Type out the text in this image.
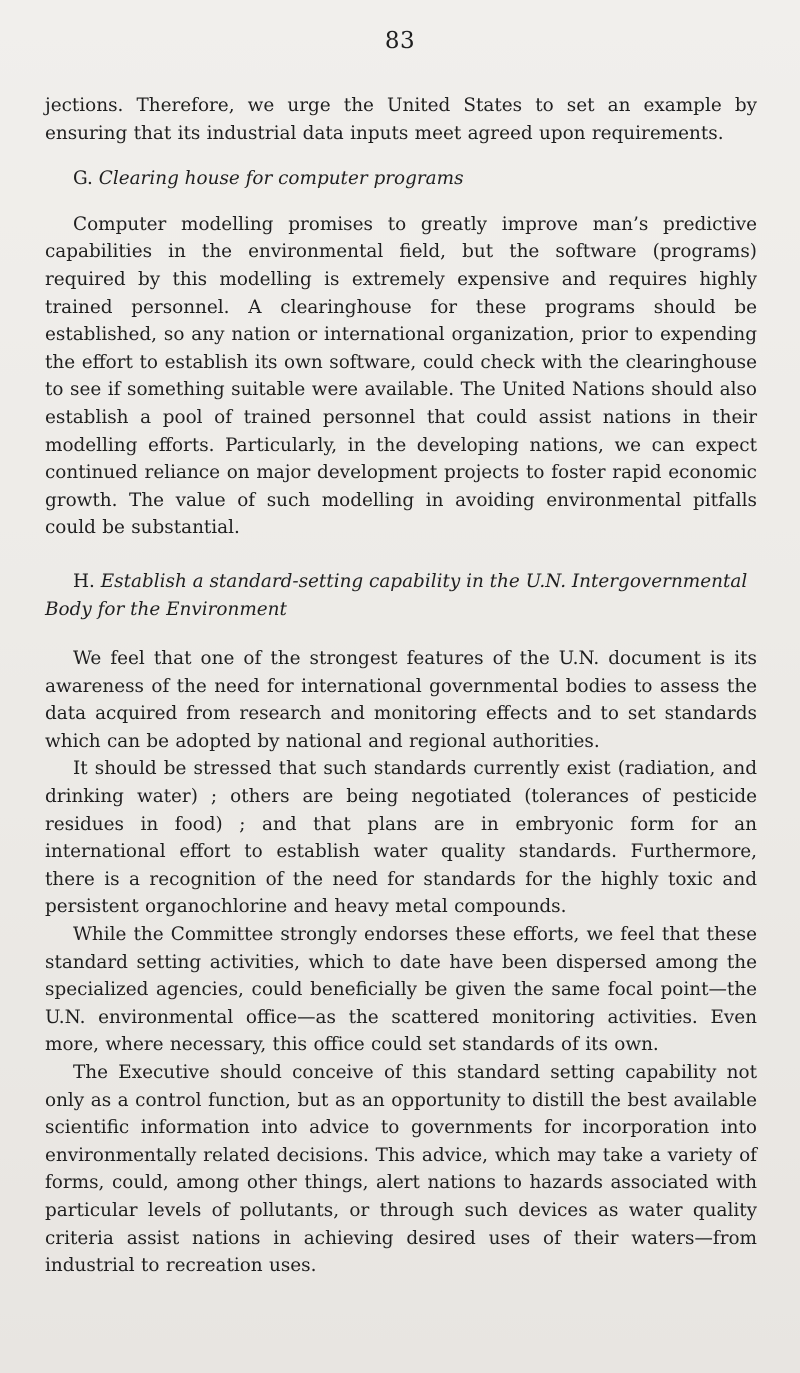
83

jections. Therefore, we urge the United States to set an example by ensuring that its industrial data inputs meet agreed upon requirements.

G. Clearing house for computer programs

Computer modelling promises to greatly improve man’s predictive capabilities in the environmental field, but the software (programs) required by this modelling is extremely expensive and requires highly trained personnel. A clearinghouse for these programs should be established, so any nation or international organization, prior to expending the effort to establish its own software, could check with the clearinghouse to see if something suitable were available. The United Nations should also establish a pool of trained personnel that could assist nations in their modelling efforts. Particularly, in the developing nations, we can expect continued reliance on major development projects to foster rapid economic growth. The value of such modelling in avoiding environmental pitfalls could be substantial.

H. Establish a standard-setting capability in the U.N. Intergovernmental Body for the Environment

We feel that one of the strongest features of the U.N. document is its awareness of the need for international governmental bodies to assess the data acquired from research and monitoring effects and to set standards which can be adopted by national and regional authorities.

It should be stressed that such standards currently exist (radiation, and drinking water) ; others are being negotiated (tolerances of pesticide residues in food) ; and that plans are in embryonic form for an international effort to establish water quality standards. Furthermore, there is a recognition of the need for standards for the highly toxic and persistent organochlorine and heavy metal compounds.

While the Committee strongly endorses these efforts, we feel that these standard setting activities, which to date have been dispersed among the specialized agencies, could beneficially be given the same focal point—the U.N. environmental office—as the scattered monitoring activities. Even more, where necessary, this office could set standards of its own.

The Executive should conceive of this standard setting capability not only as a control function, but as an opportunity to distill the best available scientific information into advice to governments for incorporation into environmentally related decisions. This advice, which may take a variety of forms, could, among other things, alert nations to hazards associated with particular levels of pollutants, or through such devices as water quality criteria assist nations in achieving desired uses of their waters—from industrial to recreation uses.
